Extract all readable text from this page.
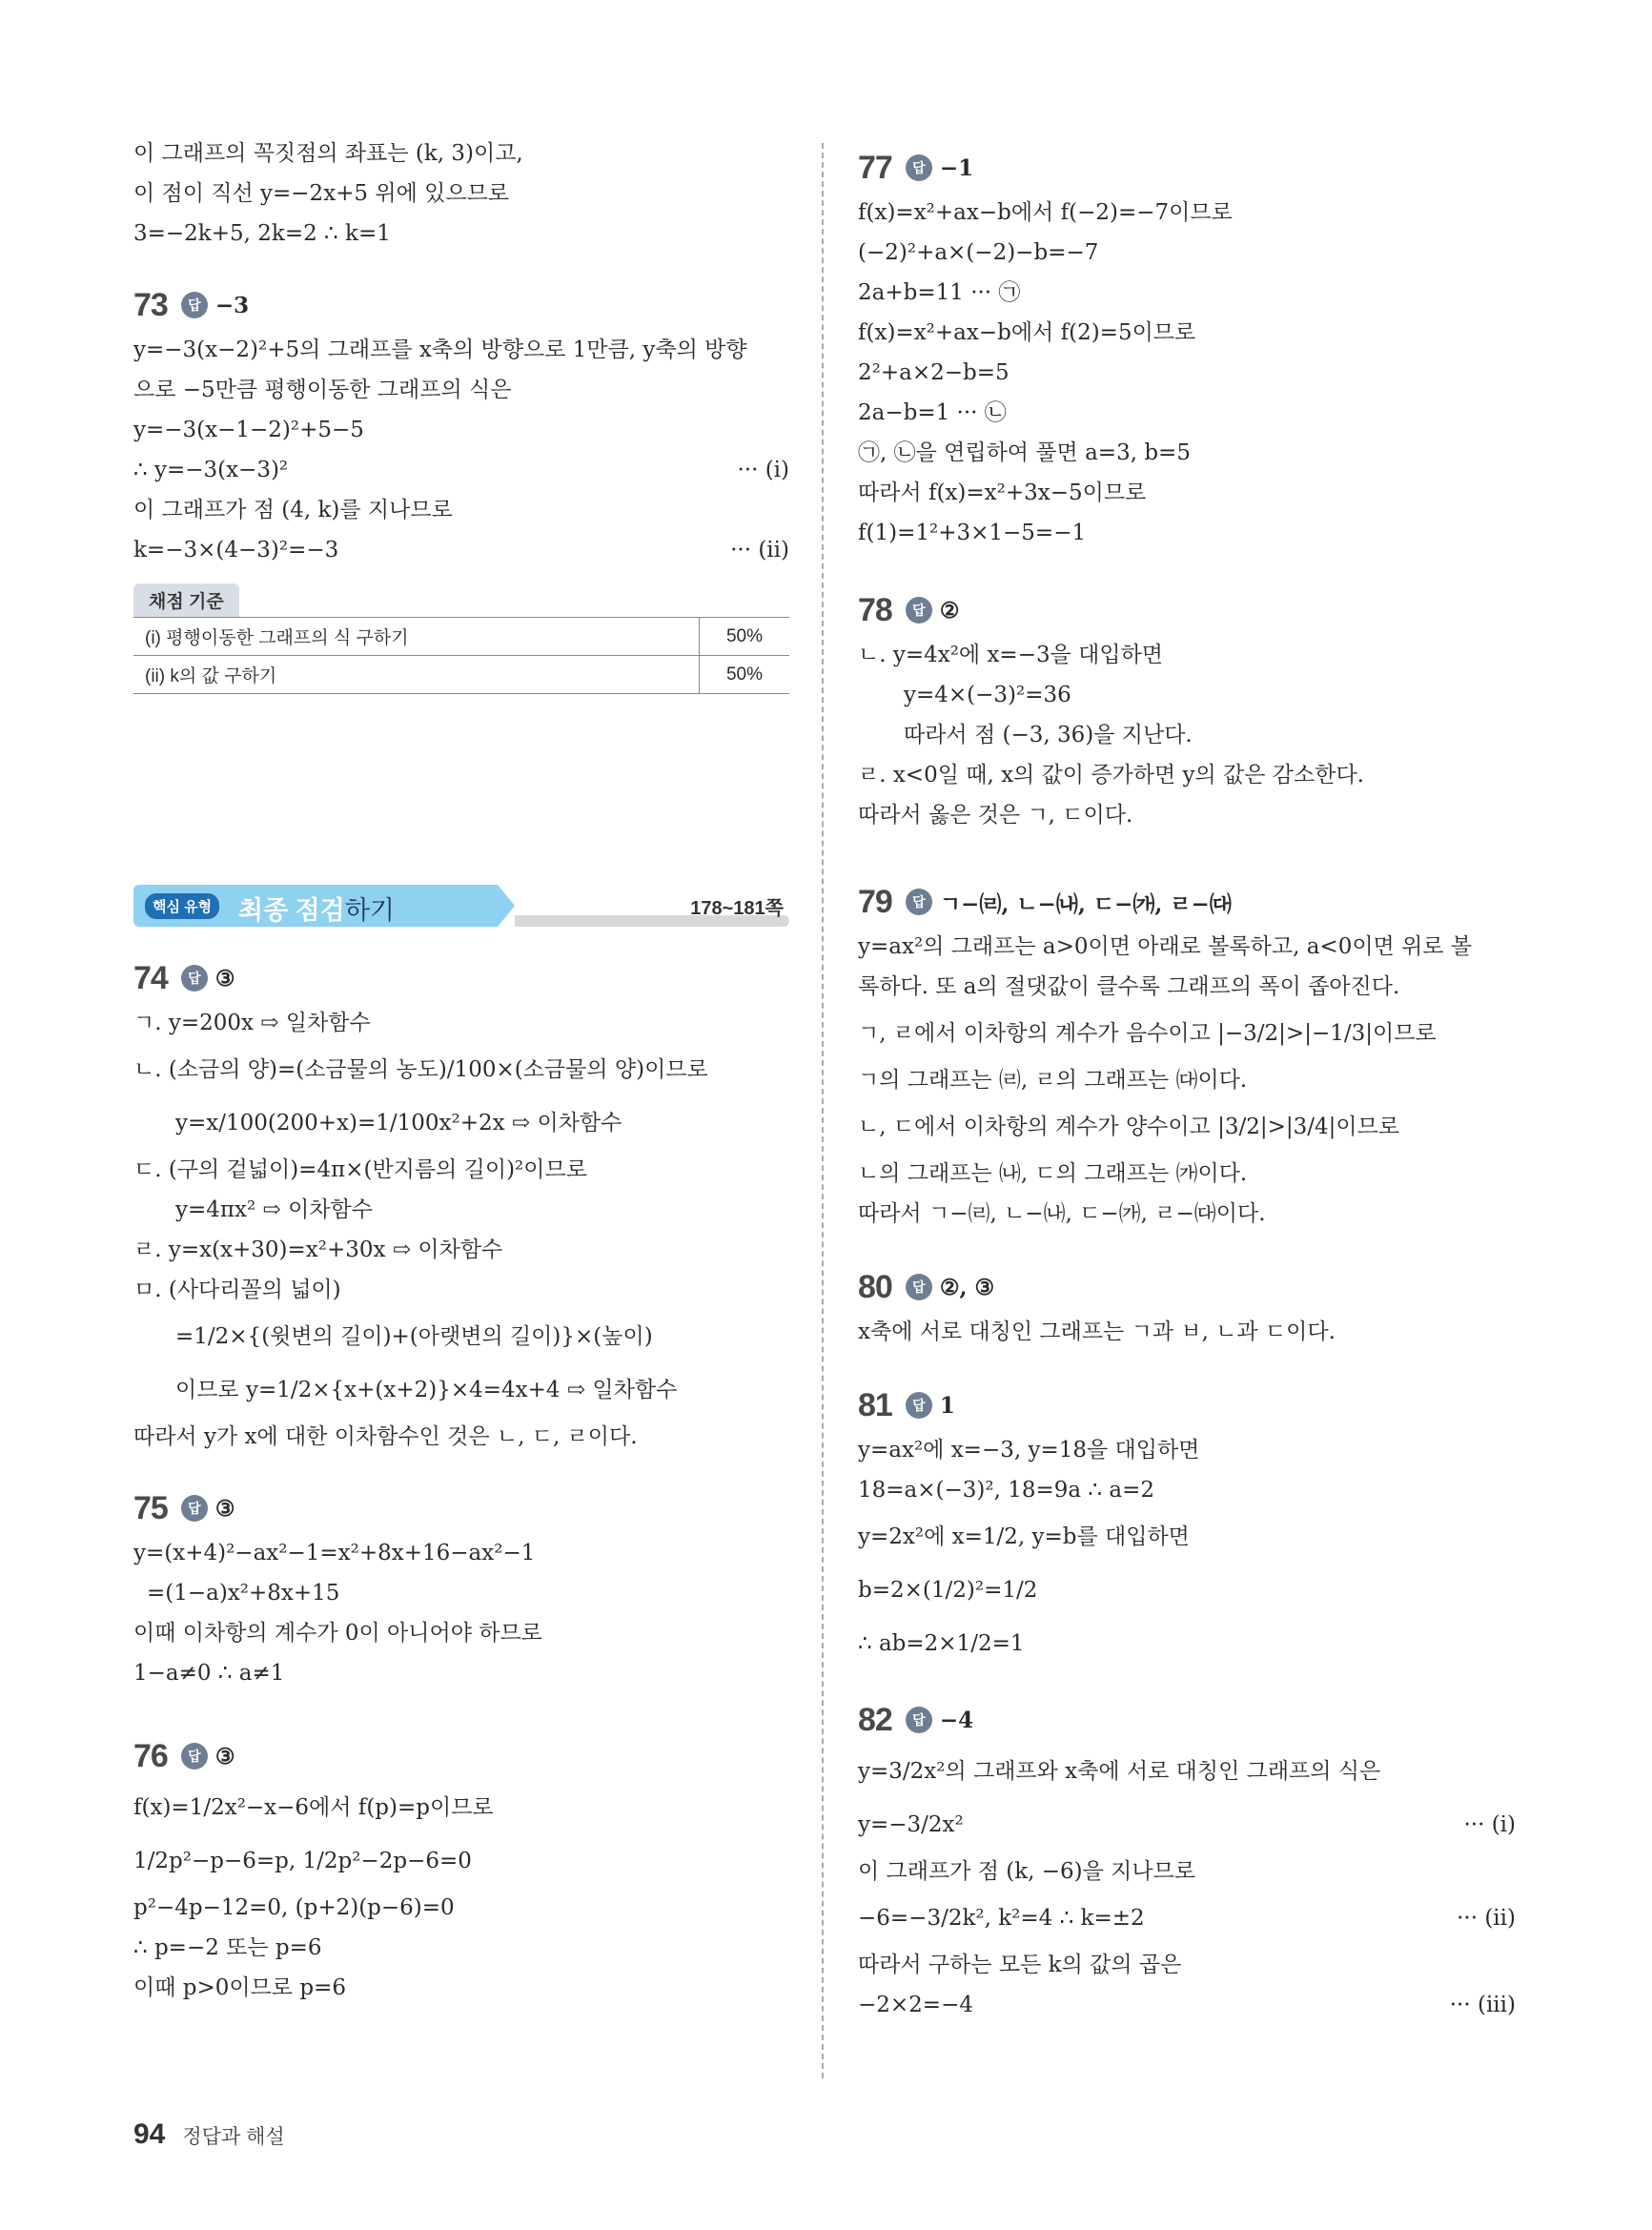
이 그래프의 꼭짓점의 좌표는 (k, 3)이고,
이 점이 직선 y=−2x+5 위에 있으므로
3=−2k+5, 2k=2 ∴ k=1
73	답 −3
y=−3(x−2)²+5의 그래프를 x축의 방향으로 1만큼, y축의 방향
으로 −5만큼 평행이동한 그래프의 식은
y=−3(x−1−2)²+5−5
∴ y=−3(x−3)²	··· (i)
이 그래프가 점 (4, k)를 지나므로
k=−3×(4−3)²=−3	··· (ii)
채점 기준
(i) 평행이동한 그래프의 식 구하기	50%
(ii) k의 값 구하기	50%
핵심 유형 최종 점검하기	178~181쪽
74	답 ③
ㄱ. y=200x ⇨ 일차함수
ㄴ. (소금의 양)=(소금물의 농도)/100×(소금물의 양)이므로
y=x/100(200+x)=1/100x²+2x ⇨ 이차함수
ㄷ. (구의 겉넓이)=4π×(반지름의 길이)²이므로
y=4πx² ⇨ 이차함수
ㄹ. y=x(x+30)=x²+30x ⇨ 이차함수
ㅁ. (사다리꼴의 넓이)
=1/2×{(윗변의 길이)+(아랫변의 길이)}×(높이)
이므로 y=1/2×{x+(x+2)}×4=4x+4 ⇨ 일차함수
따라서 y가 x에 대한 이차함수인 것은 ㄴ, ㄷ, ㄹ이다.
75	답 ③
y=(x+4)²−ax²−1=x²+8x+16−ax²−1
=(1−a)x²+8x+15
이때 이차항의 계수가 0이 아니어야 하므로
1−a≠0 ∴ a≠1
76	답 ③
f(x)=1/2x²−x−6에서 f(p)=p이므로
1/2p²−p−6=p, 1/2p²−2p−6=0
p²−4p−12=0, (p+2)(p−6)=0
∴ p=−2 또는 p=6
이때 p>0이므로 p=6
77	답 −1
f(x)=x²+ax−b에서 f(−2)=−7이므로
(−2)²+a×(−2)−b=−7
2a+b=11 ··· ㉠
f(x)=x²+ax−b에서 f(2)=5이므로
2²+a×2−b=5
2a−b=1 ··· ㉡
㉠, ㉡을 연립하여 풀면 a=3, b=5
따라서 f(x)=x²+3x−5이므로
f(1)=1²+3×1−5=−1
78	답 ②
ㄴ. y=4x²에 x=−3을 대입하면
y=4×(−3)²=36
따라서 점 (−3, 36)을 지난다.
ㄹ. x<0일 때, x의 값이 증가하면 y의 값은 감소한다.
따라서 옳은 것은 ㄱ, ㄷ이다.
79	답 ㄱ−㈃, ㄴ−㈏, ㄷ−㈎, ㄹ−㈐
y=ax²의 그래프는 a>0이면 아래로 볼록하고, a<0이면 위로 볼
록하다. 또 a의 절댓값이 클수록 그래프의 폭이 좁아진다.
ㄱ, ㄹ에서 이차항의 계수가 음수이고 |−3/2|>|−1/3|이므로
ㄱ의 그래프는 ㈃, ㄹ의 그래프는 ㈐이다.
ㄴ, ㄷ에서 이차항의 계수가 양수이고 |3/2|>|3/4|이므로
ㄴ의 그래프는 ㈏, ㄷ의 그래프는 ㈎이다.
따라서 ㄱ−㈃, ㄴ−㈏, ㄷ−㈎, ㄹ−㈐이다.
80	답 ②, ③
x축에 서로 대칭인 그래프는 ㄱ과 ㅂ, ㄴ과 ㄷ이다.
81	답 1
y=ax²에 x=−3, y=18을 대입하면
18=a×(−3)², 18=9a ∴ a=2
y=2x²에 x=1/2, y=b를 대입하면
b=2×(1/2)²=1/2
∴ ab=2×1/2=1
82	답 −4
y=3/2x²의 그래프와 x축에 서로 대칭인 그래프의 식은
y=−3/2x²	··· (i)
이 그래프가 점 (k, −6)을 지나므로
−6=−3/2k², k²=4 ∴ k=±2	··· (ii)
따라서 구하는 모든 k의 값의 곱은
−2×2=−4	··· (iii)
94 정답과 해설
